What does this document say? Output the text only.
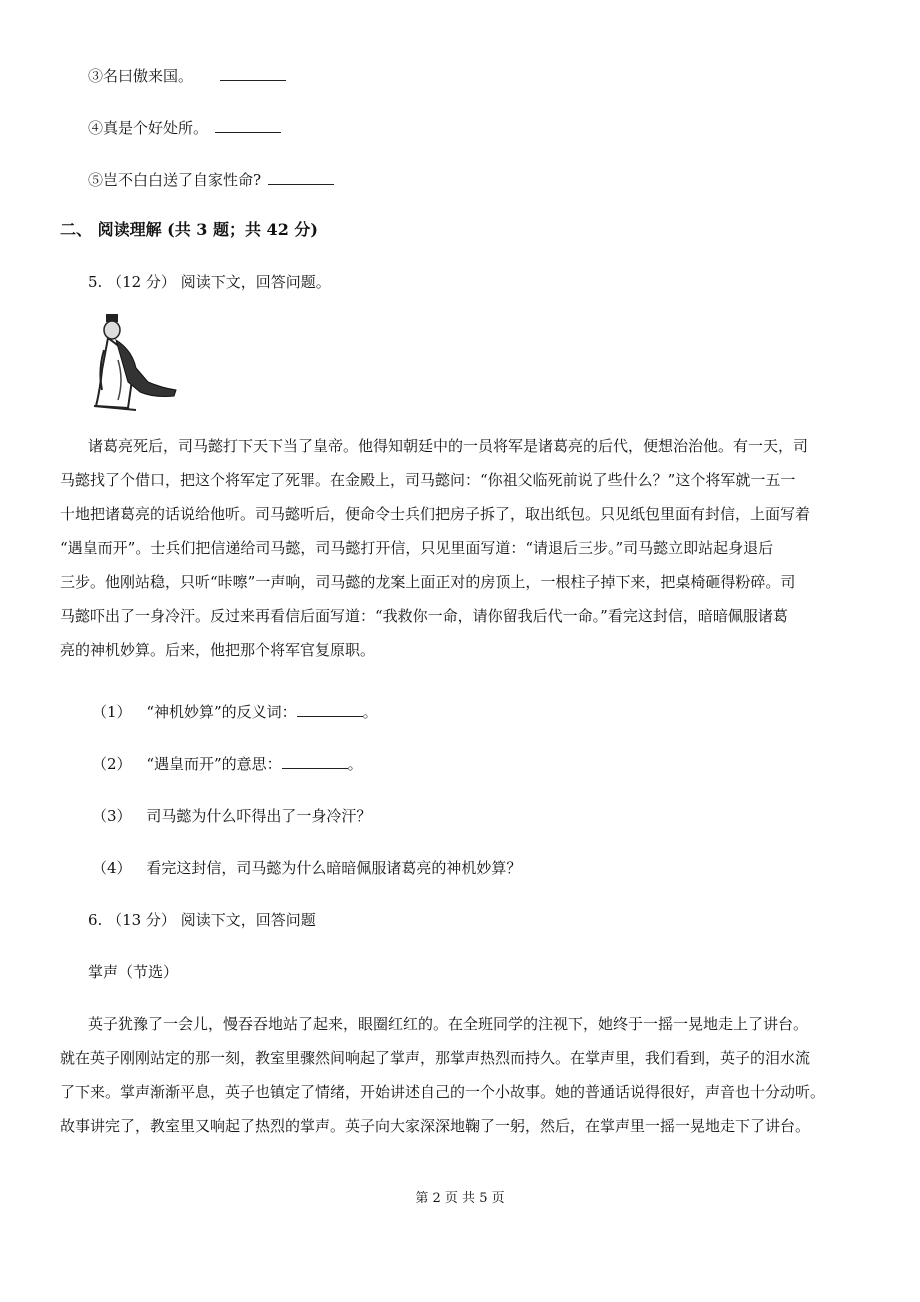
③名曰傲来国。
④真是个好处所。
⑤岂不白白送了自家性命?
二、 阅读理解 (共 3 题；共 42 分)
5. （12 分） 阅读下文，回答问题。

诸葛亮死后，司马懿打下天下当了皇帝。他得知朝廷中的一员将军是诸葛亮的后代，便想治治他。有一天，司

马懿找了个借口，把这个将军定了死罪。在金殿上，司马懿问：“你祖父临死前说了些什么？”这个将军就一五一

十地把诸葛亮的话说给他听。司马懿听后，便命令士兵们把房子拆了，取出纸包。只见纸包里面有封信，上面写着

“遇皇而开”。士兵们把信递给司马懿，司马懿打开信，只见里面写道：“请退后三步。”司马懿立即站起身退后

三步。他刚站稳，只听“咔嚓”一声响，司马懿的龙案上面正对的房顶上，一根柱子掉下来，把桌椅砸得粉碎。司

马懿吓出了一身冷汗。反过来再看信后面写道：“我救你一命，请你留我后代一命。”看完这封信，暗暗佩服诸葛

亮的神机妙算。后来，他把那个将军官复原职。

（1） “神机妙算”的反义词：	。
（2） “遇皇而开”的意思：	。
（3） 司马懿为什么吓得出了一身冷汗？
（4） 看完这封信，司马懿为什么暗暗佩服诸葛亮的神机妙算？
6. （13 分） 阅读下文，回答问题
掌声（节选）

英子犹豫了一会儿，慢吞吞地站了起来，眼圈红红的。在全班同学的注视下，她终于一摇一晃地走上了讲台。

就在英子刚刚站定的那一刻，教室里骤然间响起了掌声，那掌声热烈而持久。在掌声里，我们看到，英子的泪水流

了下来。掌声渐渐平息，英子也镇定了情绪，开始讲述自己的一个小故事。她的普通话说得很好，声音也十分动听。

故事讲完了，教室里又响起了热烈的掌声。英子向大家深深地鞠了一躬，然后，在掌声里一摇一晃地走下了讲台。

第 2 页 共 5 页
